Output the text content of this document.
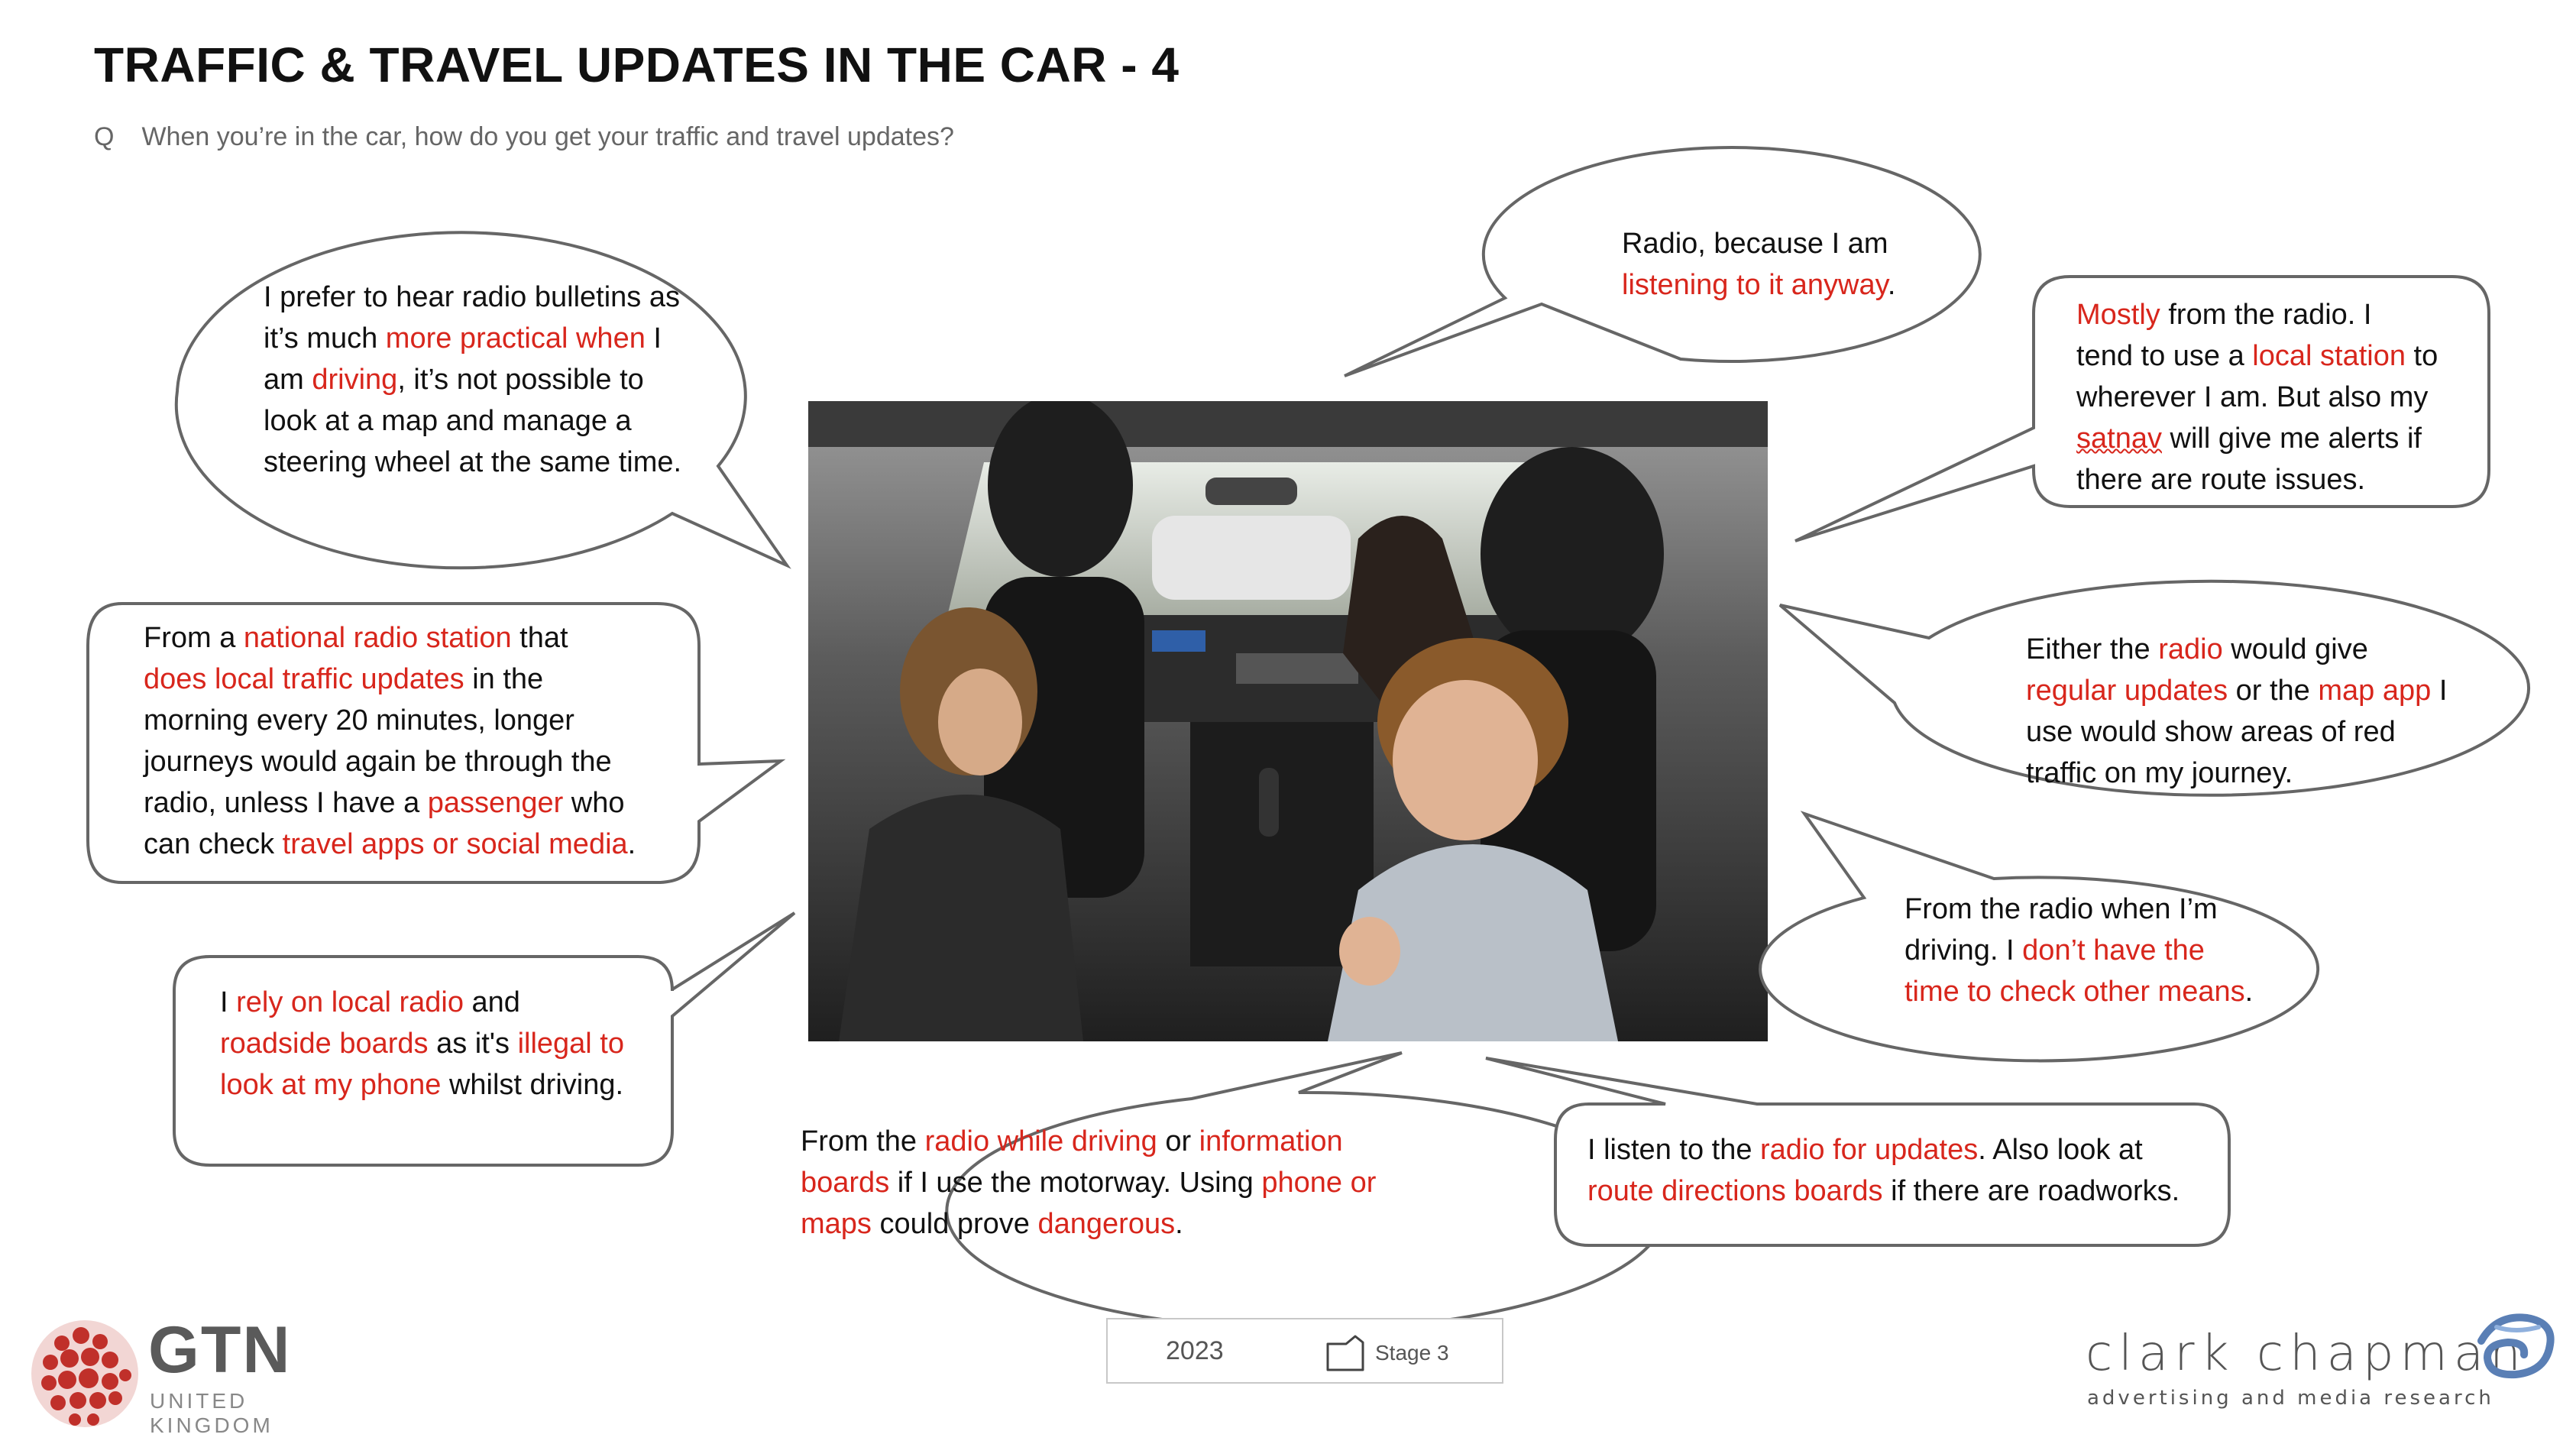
TRAFFIC & TRAVEL UPDATES IN THE CAR - 4
Q When you’re in the car, how do you get your traffic and travel updates?
I prefer to hear radio bulletins as
it’s much more practical when I
am driving, it’s not possible to
look at a map and manage a
steering wheel at the same time.
From a national radio station that
does local traffic updates in the
morning every 20 minutes, longer
journeys would again be through the
radio, unless I have a passenger who
can check travel apps or social media.
I rely on local radio and
roadside boards as it's illegal to
look at my phone whilst driving.
Radio, because I am
listening to it anyway.
Mostly from the radio. I
tend to use a local station to
wherever I am. But also my
satnav will give me alerts if
there are route issues.
Either the radio would give
regular updates or the map app I
use would show areas of red
traffic on my journey.
From the radio when I’m
driving. I don’t have the
time to check other means.
From the radio while driving or information
boards if I use the motorway. Using phone or
maps could prove dangerous.
I listen to the radio for updates. Also look at
route directions boards if there are roadworks.
2023	Stage 3
GTN
UNITED KINGDOM
clark chapman
advertising and media research
